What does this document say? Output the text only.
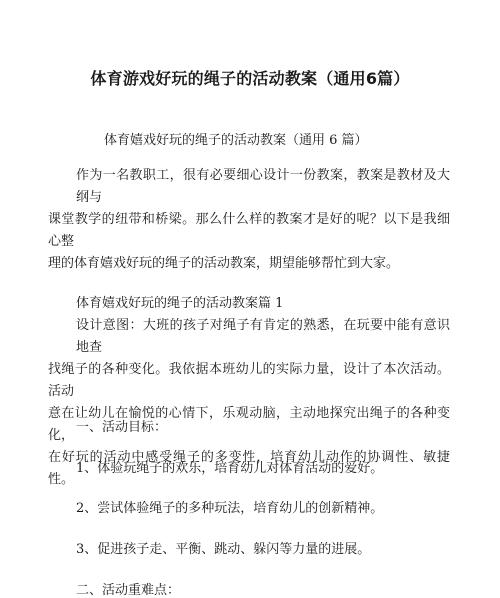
体育游戏好玩的绳子的活动教案（通用6篇）

体育嬉戏好玩的绳子的活动教案（通用 6 篇）

作为一名教职工，很有必要细心设计一份教案，教案是教材及大纲与
课堂教学的纽带和桥梁。那么什么样的教案才是好的呢？以下是我细心整
理的体育嬉戏好玩的绳子的活动教案，期望能够帮忙到大家。

体育嬉戏好玩的绳子的活动教案篇 1

设计意图：大班的孩子对绳子有肯定的熟悉，在玩要中能有意识地查
找绳子的各种变化。我依据本班幼儿的实际力量，设计了本次活动。活动
意在让幼儿在愉悦的心情下，乐观动脑，主动地探究出绳子的各种变化，
在好玩的活动中感受绳子的多变性，培育幼儿动作的协调性、敏捷性。

一、活动目标：

1、体验玩绳子的欢乐，培育幼儿对体育活动的爱好。

2、尝试体验绳子的多种玩法，培育幼儿的创新精神。

3、促进孩子走、平衡、跳动、躲闪等力量的进展。

二、活动重难点：
